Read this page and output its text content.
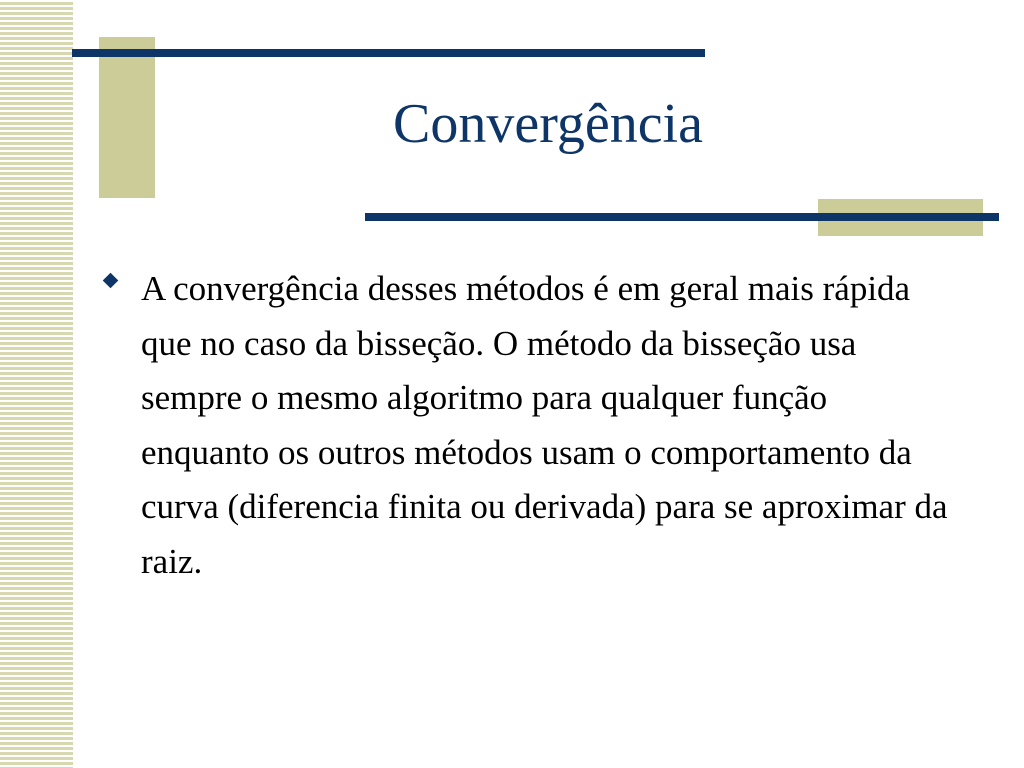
Convergência

A convergência desses métodos é em geral mais rápida que no caso da bisseção. O método da bisseção usa sempre o mesmo algoritmo para qualquer função enquanto os outros métodos usam o comportamento da curva (diferencia finita ou derivada) para se aproximar da raiz.
